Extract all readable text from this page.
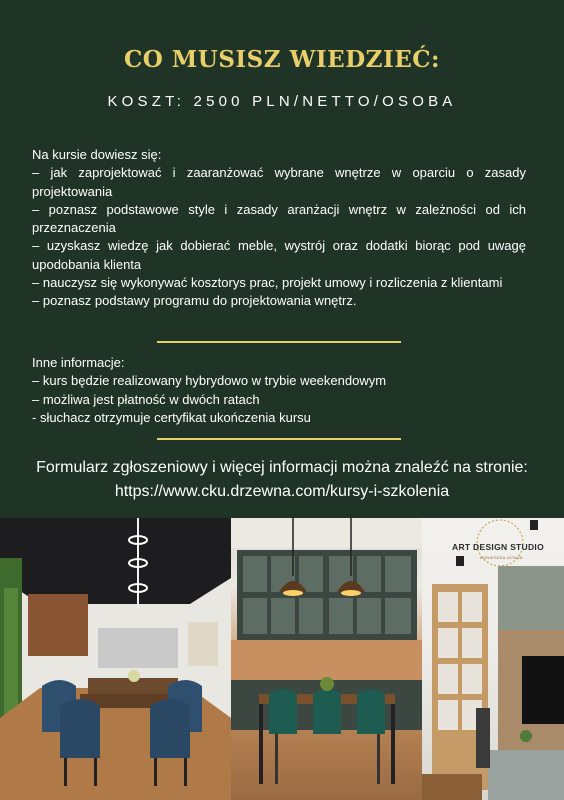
CO MUSISZ WIEDZIEĆ:
KOSZT: 2500 PLN/NETTO/OSOBA

Na kursie dowiesz się:

– jak zaprojektować i zaaranżować wybrane wnętrze w oparciu o zasady projektowania

– poznasz podstawowe style i zasady aranżacji wnętrz w zależności od ich przeznaczenia

– uzyskasz wiedzę jak dobierać meble, wystrój oraz dodatki biorąc pod uwagę upodobania klienta

– nauczysz się wykonywać kosztorys prac, projekt umowy i rozliczenia z klientami

– poznasz podstawy programu do projektowania wnętrz.

Inne informacje:

– kurs będzie realizowany hybrydowo w trybie weekendowym

– możliwa jest płatność w dwóch ratach

- słuchacz otrzymuje certyfikat ukończenia kursu

Formularz zgłoszeniowy i więcej informacji można znaleźć na stronie:
https://www.cku.drzewna.com/kursy-i-szkolenia
ART DESIGN STUDIO
AGNIESZKA LESIUK
